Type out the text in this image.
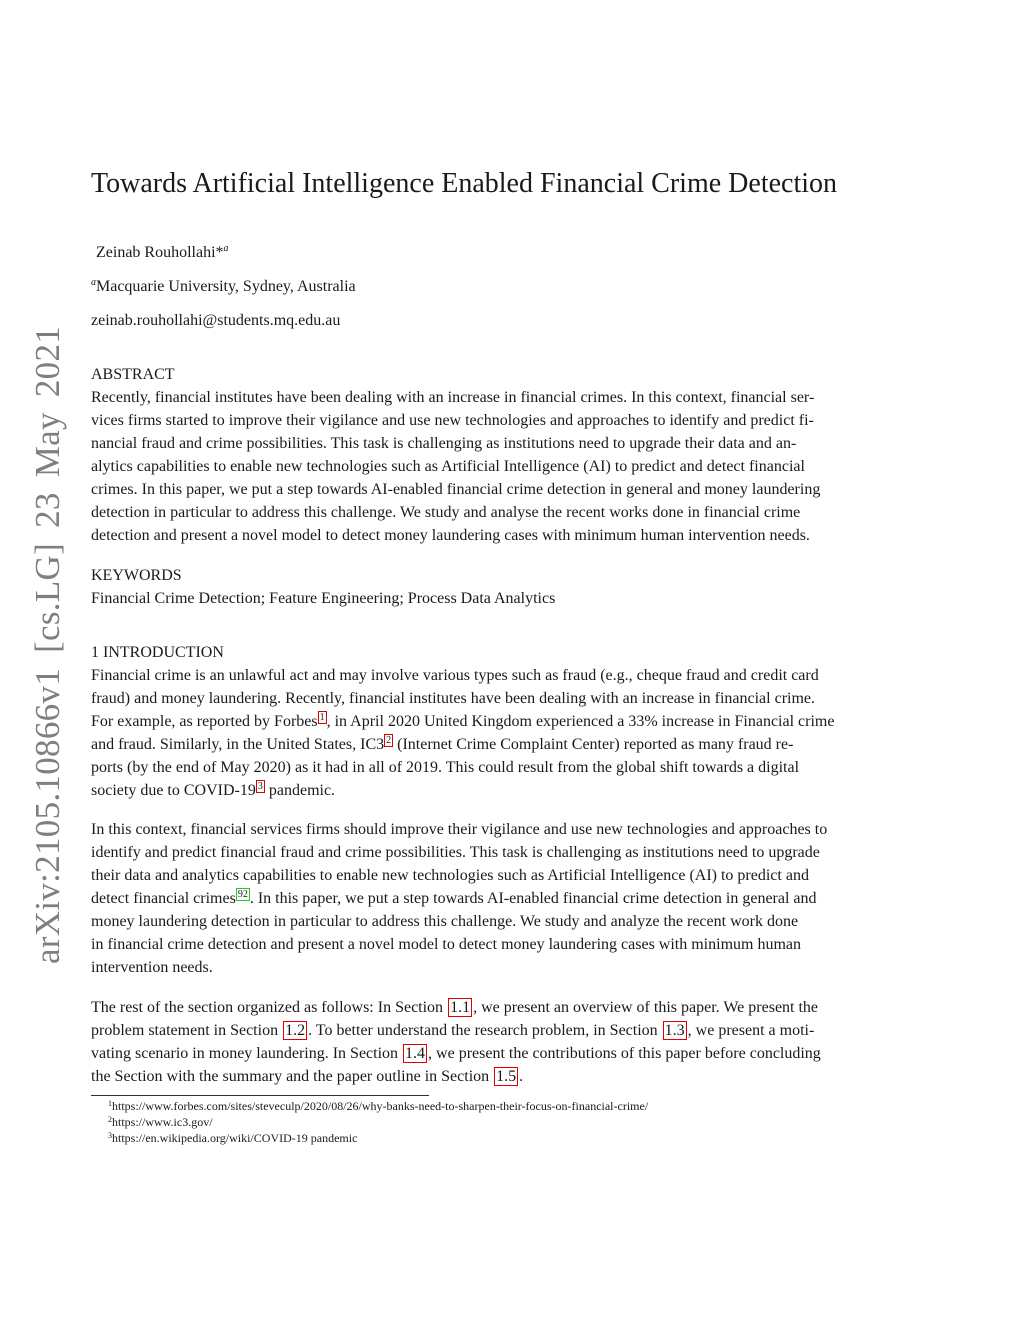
arXiv:2105.10866v1 [cs.LG] 23 May 2021
Towards Artificial Intelligence Enabled Financial Crime Detection
Zeinab Rouhollahi*$^a$
$^a$Macquarie University, Sydney, Australia
zeinab.rouhollahi@students.mq.edu.au
ABSTRACT
Recently, financial institutes have been dealing with an increase in financial crimes. In this context, financial ser-
vices firms started to improve their vigilance and use new technologies and approaches to identify and predict fi-
nancial fraud and crime possibilities. This task is challenging as institutions need to upgrade their data and an-
alytics capabilities to enable new technologies such as Artificial Intelligence (AI) to predict and detect financial
crimes. In this paper, we put a step towards AI-enabled financial crime detection in general and money laundering
detection in particular to address this challenge. We study and analyse the recent works done in financial crime
detection and present a novel model to detect money laundering cases with minimum human intervention needs.
KEYWORDS
Financial Crime Detection; Feature Engineering; Process Data Analytics
1 INTRODUCTION
Financial crime is an unlawful act and may involve various types such as fraud (e.g., cheque fraud and credit card
fraud) and money laundering. Recently, financial institutes have been dealing with an increase in financial crime.
For example, as reported by Forbes 1 , in April 2020 United Kingdom experienced a 33% increase in Financial crime
and fraud. Similarly, in the United States, IC3 2 (Internet Crime Complaint Center) reported as many fraud re-
ports (by the end of May 2020) as it had in all of 2019. This could result from the global shift towards a digital
society due to COVID-19 3 pandemic.
In this context, financial services firms should improve their vigilance and use new technologies and approaches to
identify and predict financial fraud and crime possibilities. This task is challenging as institutions need to upgrade
their data and analytics capabilities to enable new technologies such as Artificial Intelligence (AI) to predict and
detect financial crimes 92 . In this paper, we put a step towards AI-enabled financial crime detection in general and
money laundering detection in particular to address this challenge. We study and analyze the recent work done
in financial crime detection and present a novel model to detect money laundering cases with minimum human
intervention needs.
The rest of the section organized as follows: In Section 1.1 , we present an overview of this paper. We present the
problem statement in Section 1.2 . To better understand the research problem, in Section 1.3 , we present a moti-
vating scenario in money laundering. In Section 1.4 , we present the contributions of this paper before concluding
the Section with the summary and the paper outline in Section 1.5 .
$^1$https://www.forbes.com/sites/steveculp/2020/08/26/why-banks-need-to-sharpen-their-focus-on-financial-crime/
$^2$https://www.ic3.gov/
$^3$https://en.wikipedia.org/wiki/COVID-19 pandemic
